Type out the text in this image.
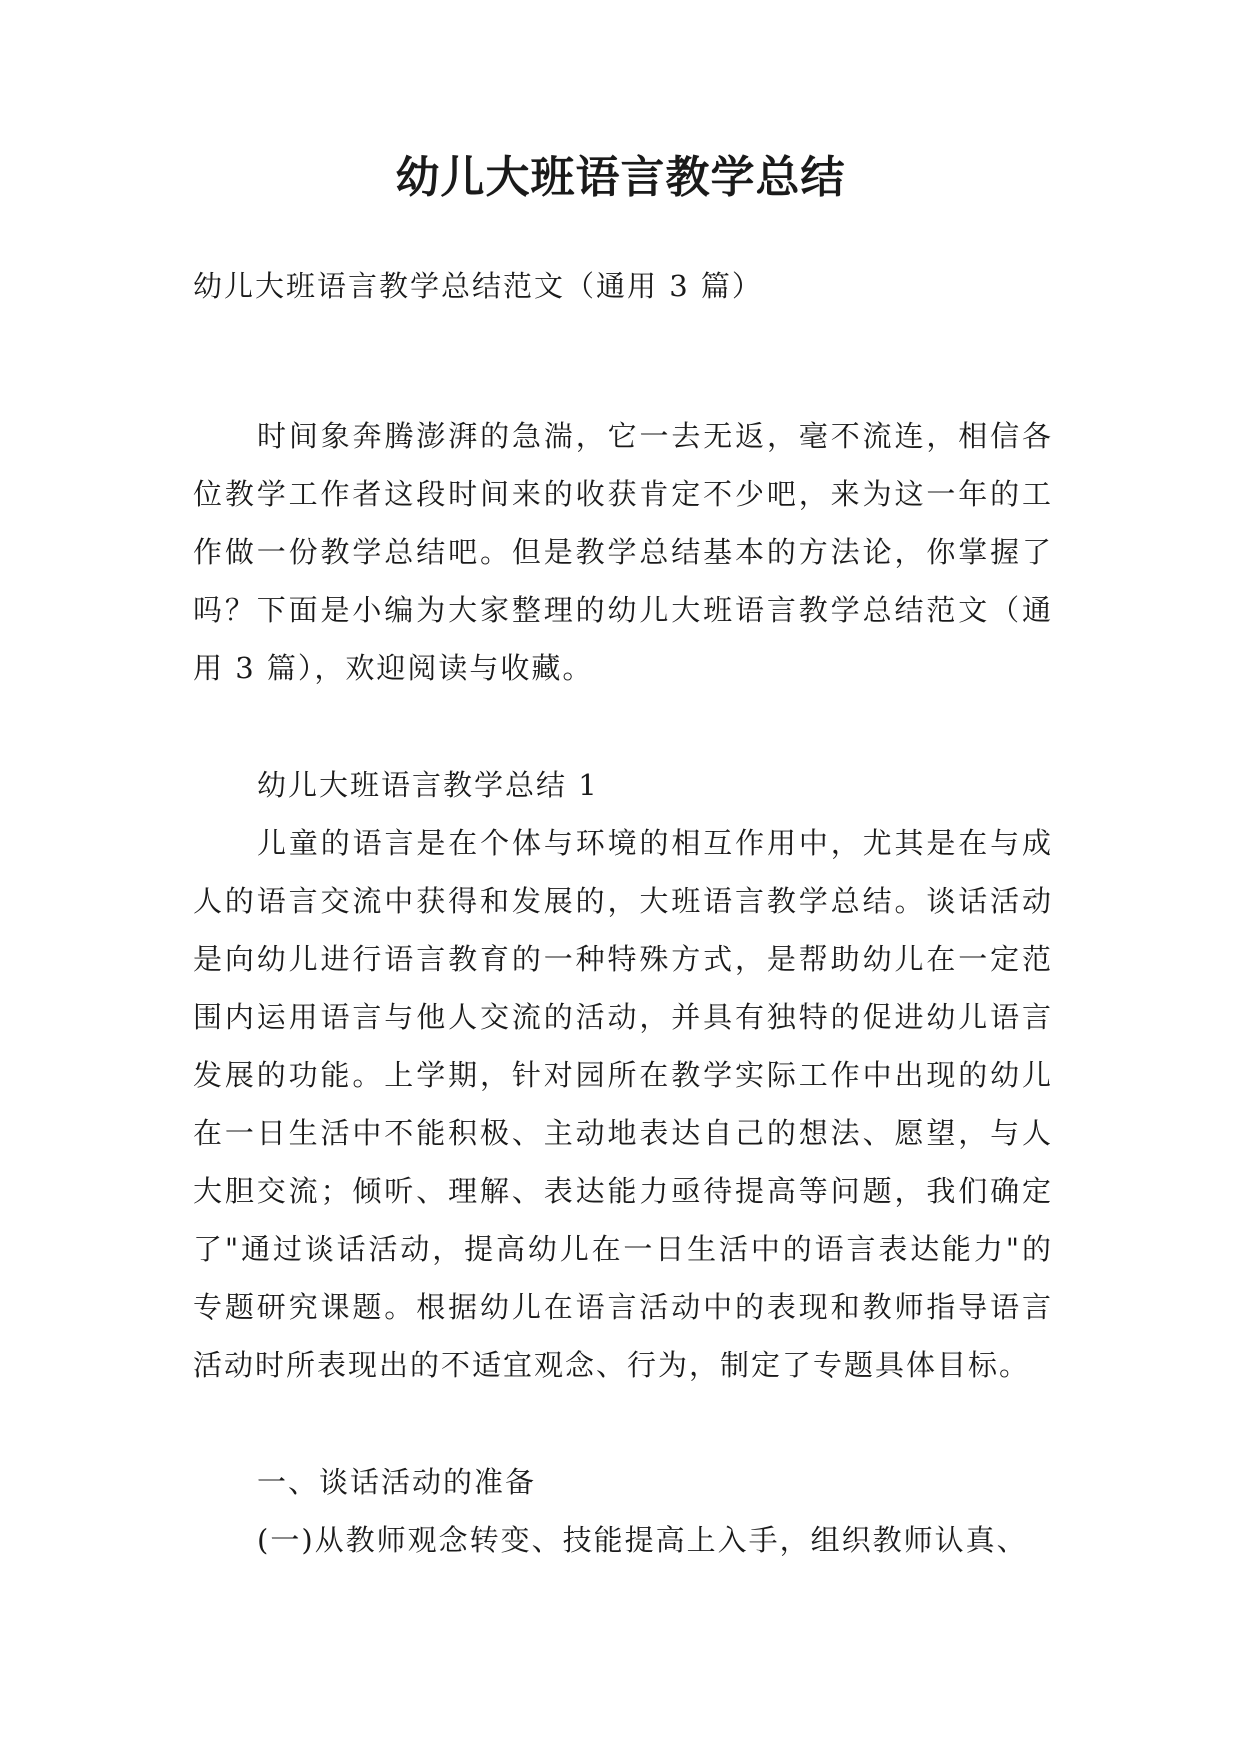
幼儿大班语言教学总结

幼儿大班语言教学总结范文（通用 3 篇）

时间象奔腾澎湃的急湍，它一去无返，毫不流连，相信各位教学工作者这段时间来的收获肯定不少吧，来为这一年的工作做一份教学总结吧。但是教学总结基本的方法论，你掌握了吗？下面是小编为大家整理的幼儿大班语言教学总结范文（通用 3 篇），欢迎阅读与收藏。

幼儿大班语言教学总结 1

儿童的语言是在个体与环境的相互作用中，尤其是在与成人的语言交流中获得和发展的，大班语言教学总结。谈话活动是向幼儿进行语言教育的一种特殊方式，是帮助幼儿在一定范围内运用语言与他人交流的活动，并具有独特的促进幼儿语言发展的功能。上学期，针对园所在教学实际工作中出现的幼儿在一日生活中不能积极、主动地表达自己的想法、愿望，与人大胆交流；倾听、理解、表达能力亟待提高等问题，我们确定了"通过谈话活动，提高幼儿在一日生活中的语言表达能力"的专题研究课题。根据幼儿在语言活动中的表现和教师指导语言活动时所表现出的不适宜观念、行为，制定了专题具体目标。

一、谈话活动的准备

(一)从教师观念转变、技能提高上入手，组织教师认真、
